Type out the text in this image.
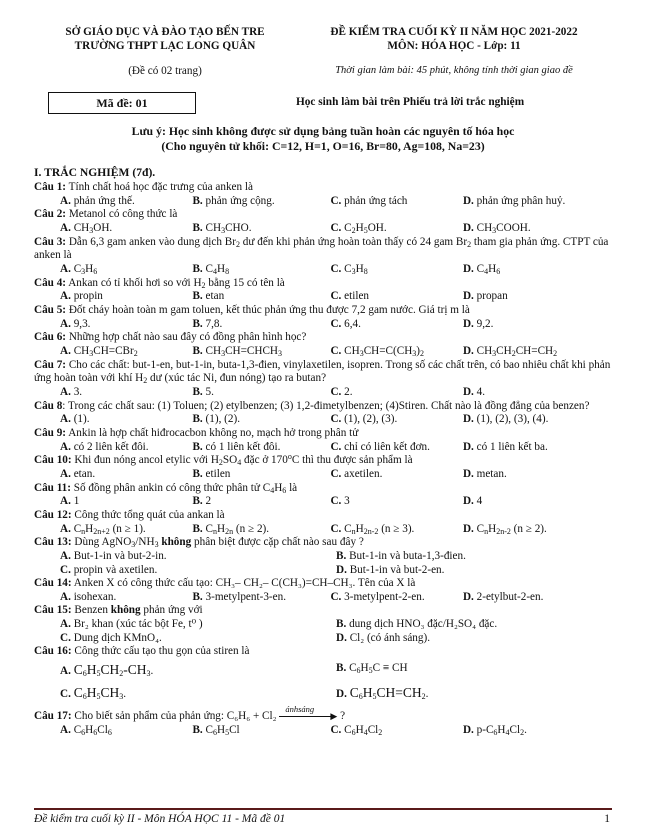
SỞ GIÁO DỤC VÀ ĐÀO TẠO BẾN TRE
TRƯỜNG THPT LẠC LONG QUÂN
(Đề có 02 trang)
ĐỀ KIỂM TRA CUỐI KỲ II NĂM HỌC 2021-2022
MÔN: HÓA HỌC - Lớp: 11
Thời gian làm bài: 45 phút, không tính thời gian giao đề
Mã đề: 01	Học sinh làm bài trên Phiếu trả lời trắc nghiệm
Lưu ý: Học sinh không được sử dụng bảng tuần hoàn các nguyên tố hóa học
(Cho nguyên tử khối: C=12, H=1, O=16, Br=80, Ag=108, Na=23)
I. TRẮC NGHIỆM (7đ).
Câu 1: Tính chất hoá học đặc trưng của anken là
A. phản ứng thế.	B. phản ứng cộng.	C. phản ứng tách	D. phản ứng phân huỷ.
Câu 2: Metanol có công thức là
A. $CH_3OH$.	B. $CH_3CHO$.	C. $C_2H_5OH$.	D. $CH_3COOH$.
Câu 3: Dẫn 6,3 gam anken vào dung dịch $Br_2$ dư đến khi phản ứng hoàn toàn thấy có 24 gam $Br_2$ tham gia phản ứng. CTPT của anken là
A. $C_3H_6$	B. $C_4H_8$	C. $C_3H_8$	D. $C_4H_6$
Câu 4: Ankan có tỉ khối hơi so với $H_2$ bằng 15 có tên là
A. propin	B. etan	C. etilen	D. propan
Câu 5: Đốt cháy hoàn toàn m gam toluen, kết thúc phản ứng thu được 7,2 gam nước. Giá trị m là
A. 9,3.	B. 7,8.	C. 6,4.	D. 9,2.
Câu 6: Những hợp chất nào sau đây có đồng phân hình học?
A. $CH_3CH=CBr_2$	B. $CH_3CH=CHCH_3$	C. $CH_3CH=C(CH_3)_2$	D. $CH_3CH_2CH=CH_2$
Câu 7: Cho các chất: but-1-en, but-1-in, buta-1,3-đien, vinylaxetilen, isopren. Trong số các chất trên, có bao nhiêu chất khi phản ứng hoàn toàn với khí $H_2$ dư (xúc tác Ni, đun nóng) tạo ra butan?
A. 3.	B. 5.	C. 2.	D. 4.
Câu 8: Trong các chất sau: (1) Toluen; (2) etylbenzen; (3) 1,2-đimetylbenzen; (4)Stiren. Chất nào là đồng đẳng của benzen?
A. (1).	B. (1), (2).	C. (1), (2), (3).	D. (1), (2), (3), (4).
Câu 9: Ankin là hợp chất hiđrocacbon không no, mạch hở trong phân tử
A. có 2 liên kết đôi.	B. có 1 liên kết đôi.	C. chỉ có liên kết đơn.	D. có 1 liên kết ba.
Câu 10: Khi đun nóng ancol etylic với $H_2SO_4$ đặc ở 170$^o$C thì thu được sản phẩm là
A. etan.	B. etilen	C. axetilen.	D. metan.
Câu 11: Số đồng phân ankin có công thức phân tử $C_4H_6$ là
A. 1	B. 2	C. 3	D. 4
Câu 12: Công thức tổng quát của ankan là
A. $C_nH_{2n+2}$ (n ≥ 1).	B. $C_nH_{2n}$ (n ≥ 2).	C. $C_nH_{2n-2}$ (n ≥ 3).	D. $C_nH_{2n-2}$ (n ≥ 2).
Câu 13: Dùng $AgNO_3/NH_3$ không phân biệt được cặp chất nào sau đây ?
A. But-1-in và but-2-in.	B. But-1-in và buta-1,3-đien.
C. propin và axetilen.	D. But-1-in và but-2-en.
Câu 14: Anken X có công thức cấu tạo: CH₃– CH₂– C(CH₃)=CH–CH₃. Tên của X là
A. isohexan.	B. 3-metylpent-3-en.	C. 3-metylpent-2-en.	D. 2-etylbut-2-en.
Câu 15: Benzen không phản ứng với
A. Br₂ khan (xúc tác bột Fe, t⁰ )	B. dung dịch HNO₃ đặc/H₂SO₄ đặc.
C. Dung dịch KMnO₄.	D. Cl₂ (có ánh sáng).
Câu 16: Công thức cấu tạo thu gọn của stiren là
A. $C_6H_5CH_2-CH_3$.	B. $C_6H_5C$ ≡ CH
C. $C_6H_5CH_3$.	D. $C_6H_5CH=CH_2$.
Câu 17: Cho biết sản phẩm của phản ứng: C₆H₆ + Cl₂
ánhsáng
▶ ?
A. $C_6H_6Cl_6$	B. $C_6H_5Cl$	C. $C_6H_4Cl_2$	D. $p-C_6H_4Cl_2$.
Đề kiểm tra cuối kỳ II - Môn HÓA HỌC 11 - Mã đề 01	1
